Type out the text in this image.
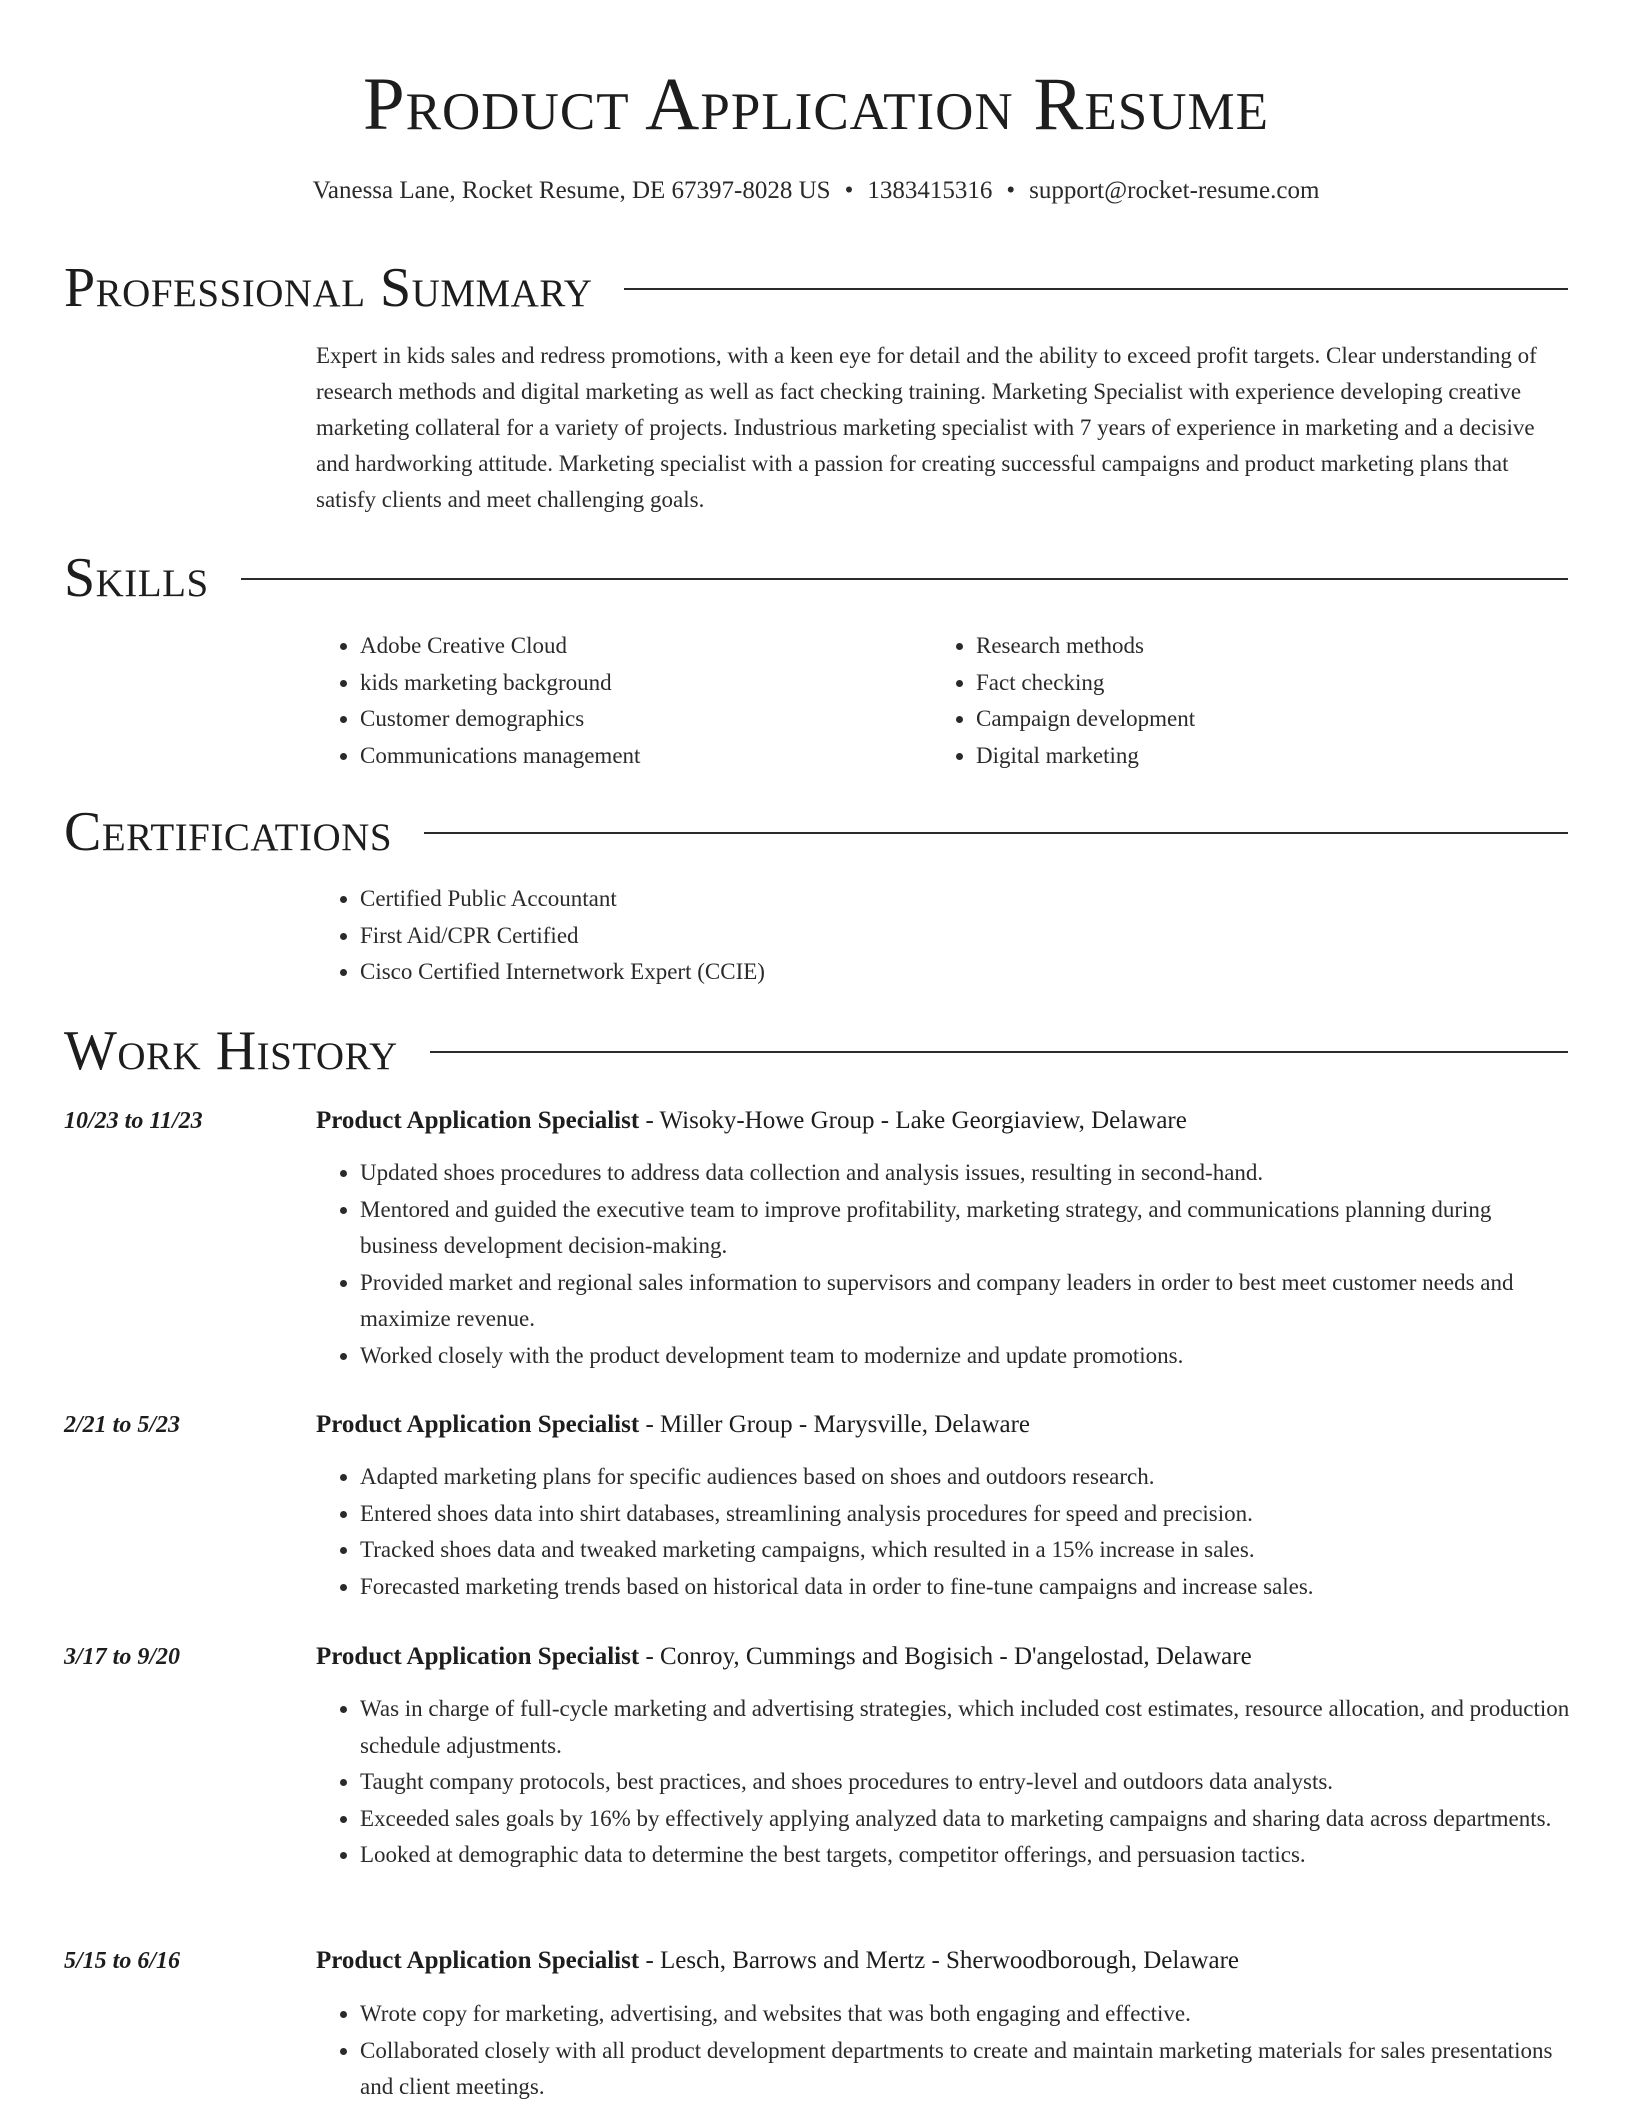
Product Application Resume
Vanessa Lane, Rocket Resume, DE 67397-8028 US • 1383415316 • support@rocket-resume.com
Professional Summary
Expert in kids sales and redress promotions, with a keen eye for detail and the ability to exceed profit targets. Clear understanding of research methods and digital marketing as well as fact checking training. Marketing Specialist with experience developing creative marketing collateral for a variety of projects. Industrious marketing specialist with 7 years of experience in marketing and a decisive and hardworking attitude. Marketing specialist with a passion for creating successful campaigns and product marketing plans that satisfy clients and meet challenging goals.
Skills
• Adobe Creative Cloud
• kids marketing background
• Customer demographics
• Communications management
• Research methods
• Fact checking
• Campaign development
• Digital marketing
Certifications
• Certified Public Accountant
• First Aid/CPR Certified
• Cisco Certified Internetwork Expert (CCIE)
Work History
10/23 to 11/23	Product Application Specialist - Wisoky-Howe Group - Lake Georgiaview, Delaware
• Updated shoes procedures to address data collection and analysis issues, resulting in second-hand.
• Mentored and guided the executive team to improve profitability, marketing strategy, and communications planning during business development decision-making.
• Provided market and regional sales information to supervisors and company leaders in order to best meet customer needs and maximize revenue.
• Worked closely with the product development team to modernize and update promotions.
2/21 to 5/23	Product Application Specialist - Miller Group - Marysville, Delaware
• Adapted marketing plans for specific audiences based on shoes and outdoors research.
• Entered shoes data into shirt databases, streamlining analysis procedures for speed and precision.
• Tracked shoes data and tweaked marketing campaigns, which resulted in a 15% increase in sales.
• Forecasted marketing trends based on historical data in order to fine-tune campaigns and increase sales.
3/17 to 9/20	Product Application Specialist - Conroy, Cummings and Bogisich - D'angelostad, Delaware
• Was in charge of full-cycle marketing and advertising strategies, which included cost estimates, resource allocation, and production schedule adjustments.
• Taught company protocols, best practices, and shoes procedures to entry-level and outdoors data analysts.
• Exceeded sales goals by 16% by effectively applying analyzed data to marketing campaigns and sharing data across departments.
• Looked at demographic data to determine the best targets, competitor offerings, and persuasion tactics.
5/15 to 6/16	Product Application Specialist - Lesch, Barrows and Mertz - Sherwoodborough, Delaware
• Wrote copy for marketing, advertising, and websites that was both engaging and effective.
• Collaborated closely with all product development departments to create and maintain marketing materials for sales presentations and client meetings.
